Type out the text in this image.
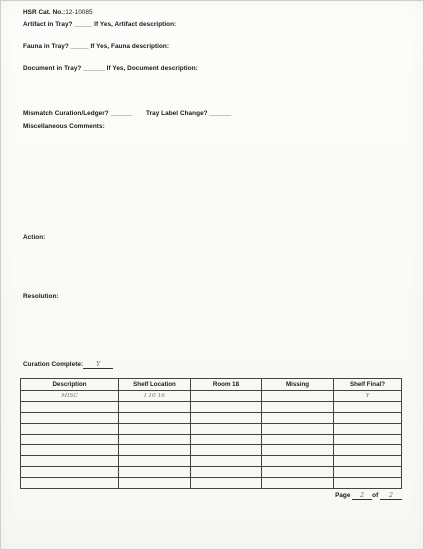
HSR Cat. No.:12-10085
Artifact in Tray? _____ If Yes, Artifact description:
Fauna in Tray? _____ If Yes, Fauna description:
Document in Tray? ______ If Yes, Document description:
Mismatch Curation/Ledger? ______ Tray Label Change? ______
Miscellaneous Comments:
Action:
Resolution:
Curation Complete: Y
Description	Shelf Location	Room 18	Missing	Shelf Final?
MISC	I 10 16			Y

Page 2 of 2
